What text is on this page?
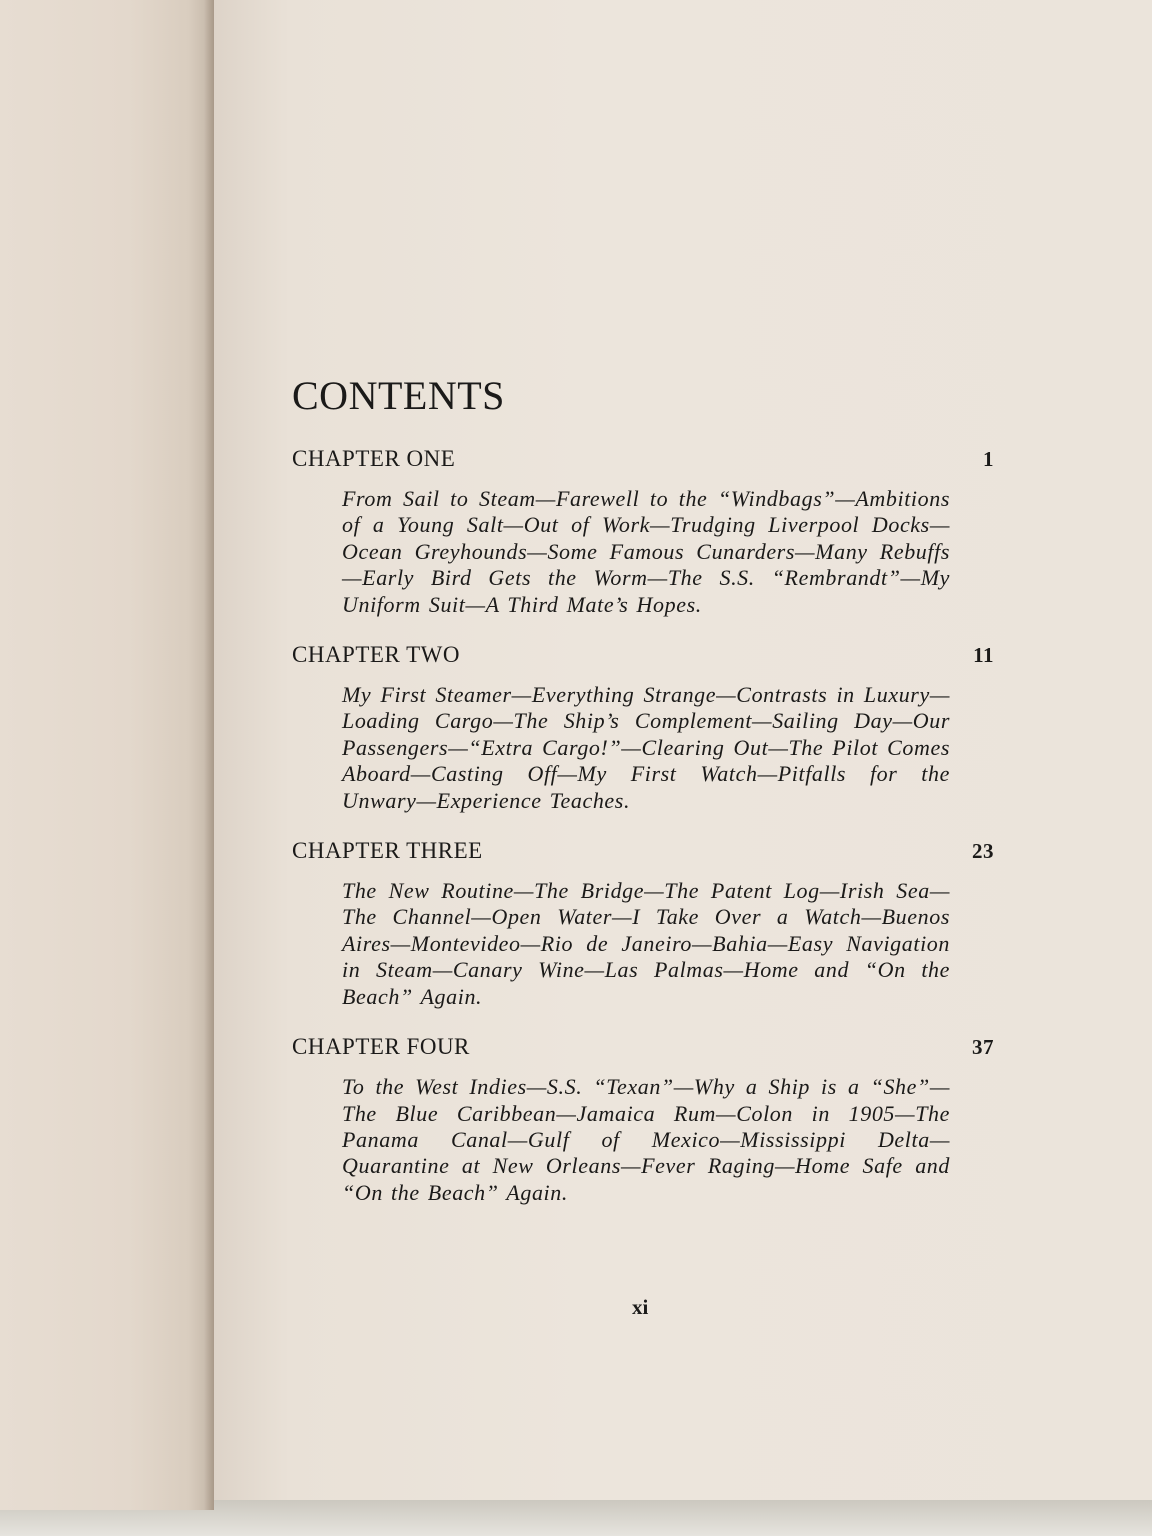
CONTENTS
CHAPTER ONE	1

From Sail to Steam—Farewell to the “Windbags”—Ambitions of a Young Salt—Out of Work—Trudging Liverpool Docks—Ocean Greyhounds—Some Famous Cunarders—Many Rebuffs—Early Bird Gets the Worm—The S.S. “Rembrandt”—My Uniform Suit—A Third Mate’s Hopes.

CHAPTER TWO	11

My First Steamer—Everything Strange—Contrasts in Luxury—Loading Cargo—The Ship’s Complement—Sailing Day—Our Passengers—“Extra Cargo!”—Clearing Out—The Pilot Comes Aboard—Casting Off—My First Watch—Pitfalls for the Unwary—Experience Teaches.

CHAPTER THREE	23

The New Routine—The Bridge—The Patent Log—Irish Sea—The Channel—Open Water—I Take Over a Watch—Buenos Aires—Montevideo—Rio de Janeiro—Bahia—Easy Navigation in Steam—Canary Wine—Las Palmas—Home and “On the Beach” Again.

CHAPTER FOUR	37

To the West Indies—S.S. “Texan”—Why a Ship is a “She”—The Blue Caribbean—Jamaica Rum—Colon in 1905—The Panama Canal—Gulf of Mexico—Mississippi Delta—Quarantine at New Orleans—Fever Raging—Home Safe and “On the Beach” Again.

xi
